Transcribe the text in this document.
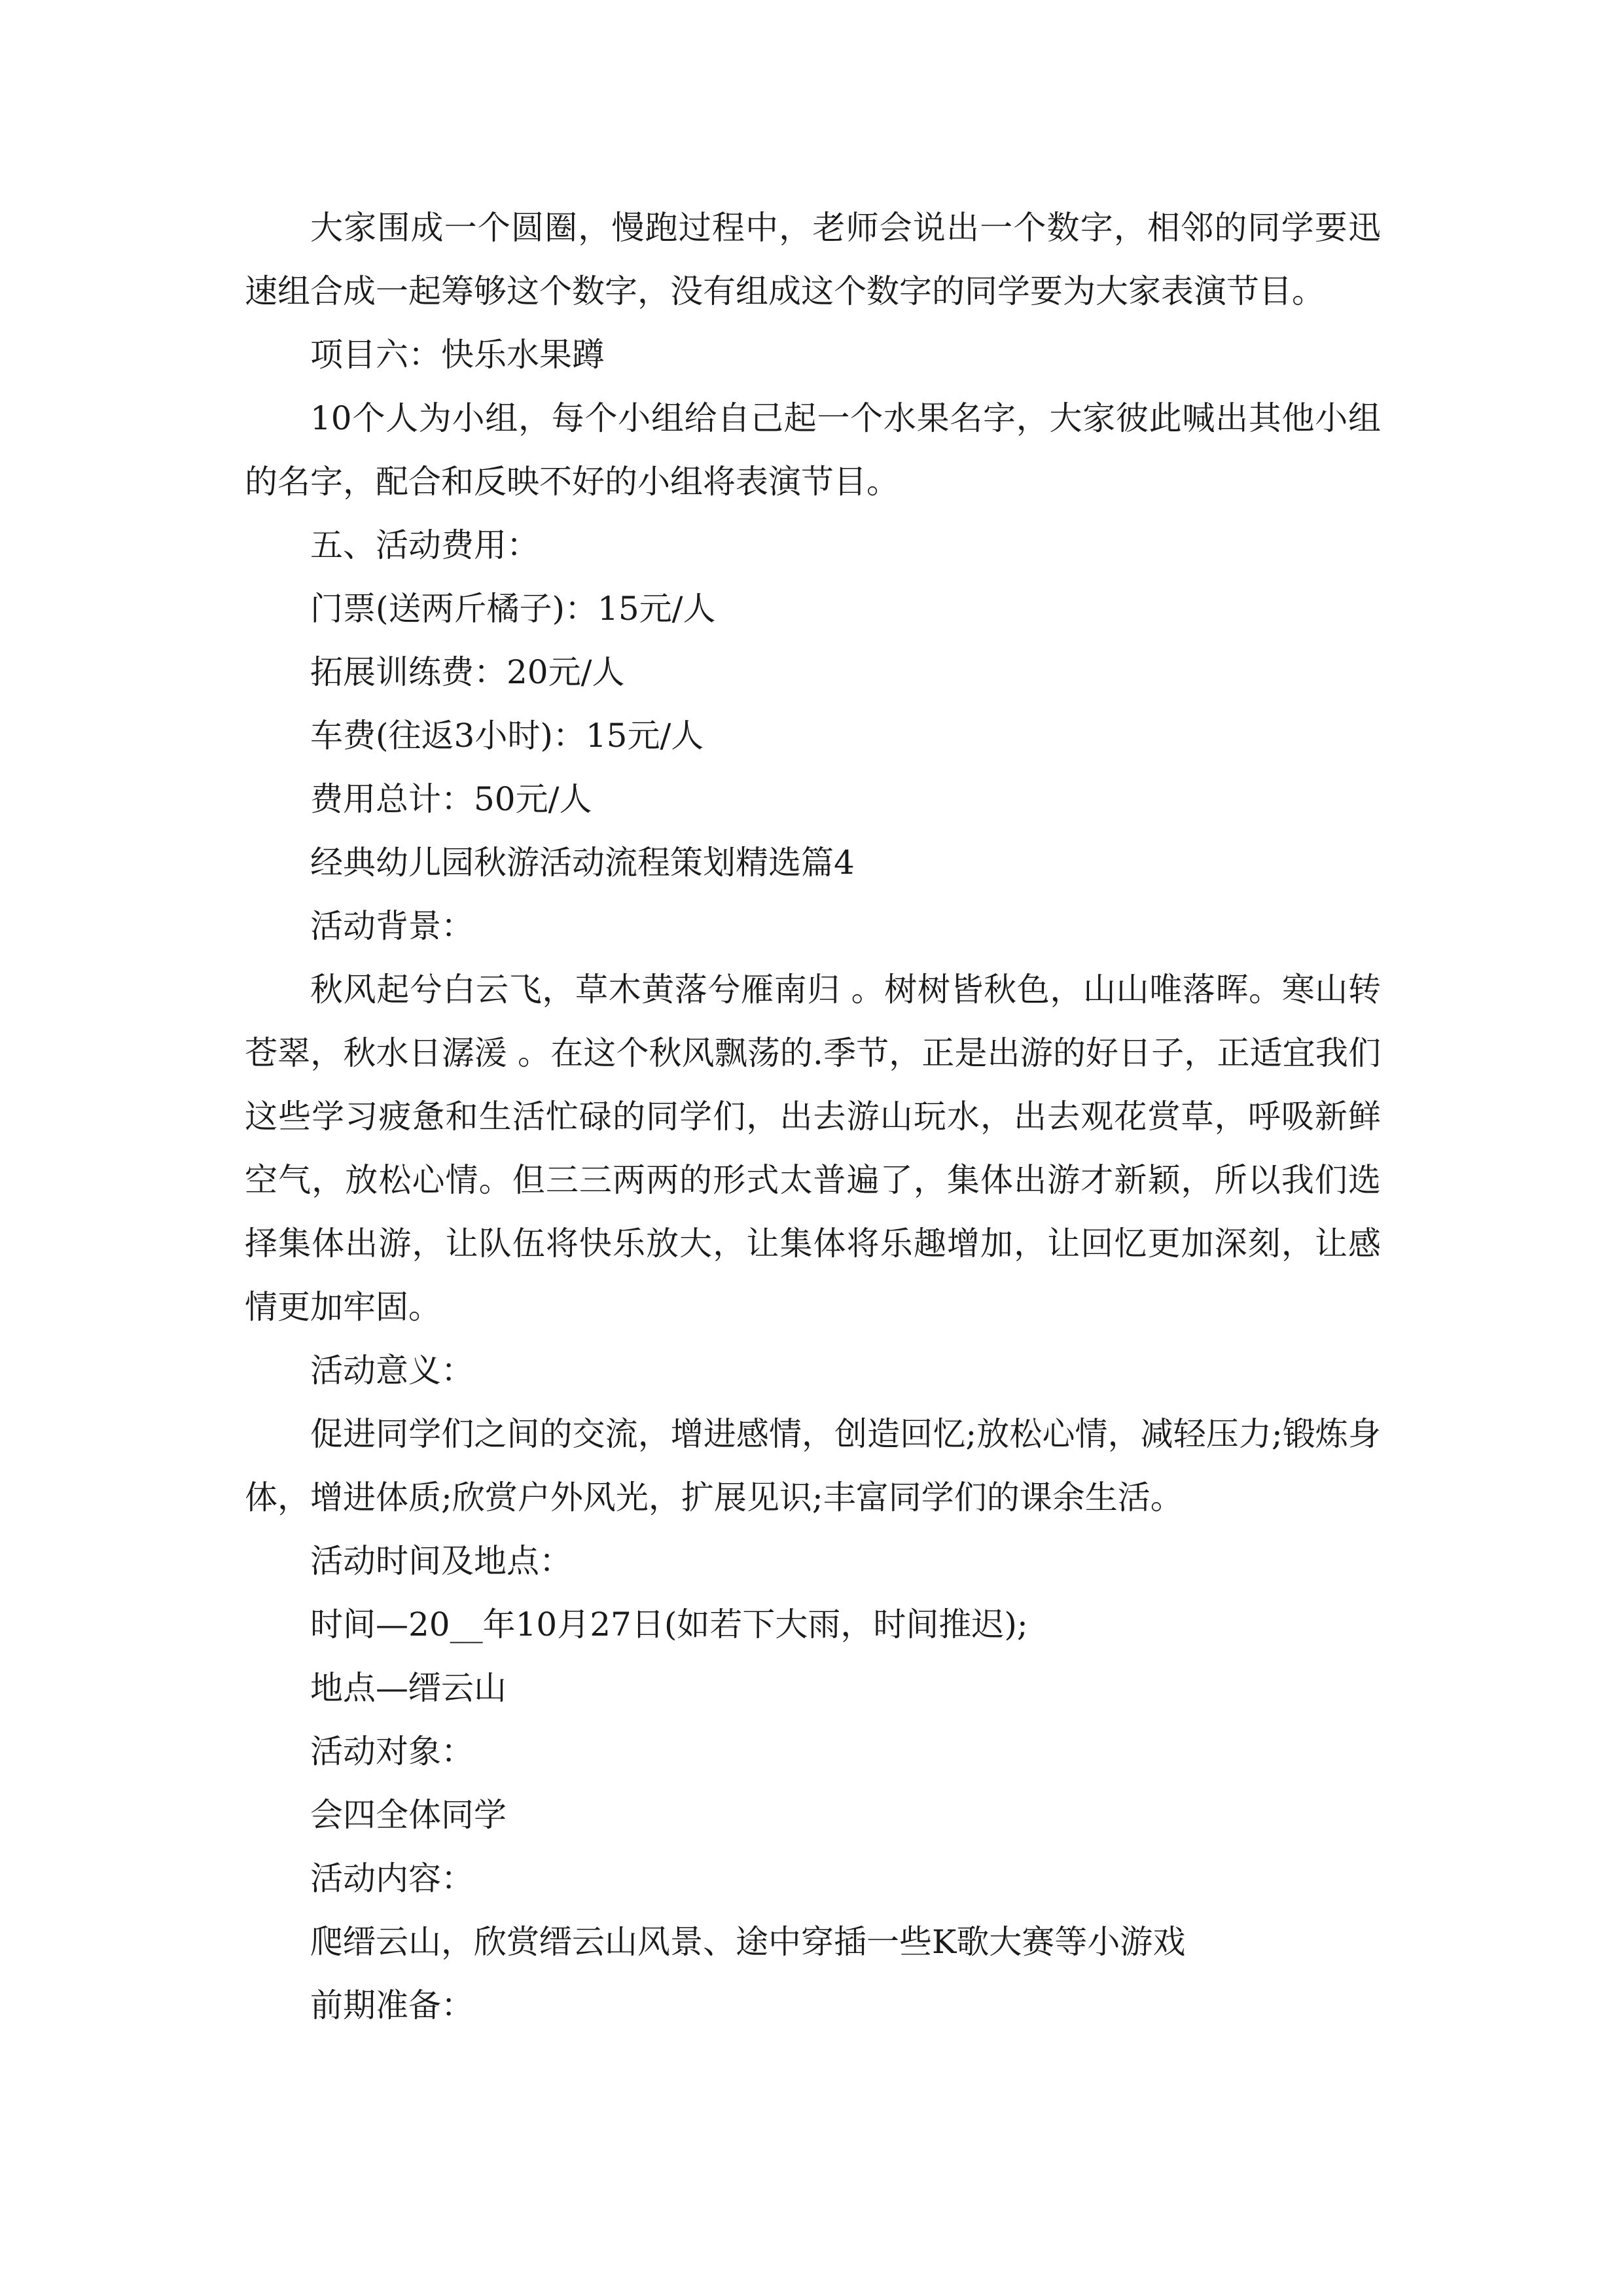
大家围成一个圆圈，慢跑过程中，老师会说出一个数字，相邻的同学要迅速组合成一起筹够这个数字，没有组成这个数字的同学要为大家表演节目。

项目六：快乐水果蹲

10个人为小组，每个小组给自己起一个水果名字，大家彼此喊出其他小组的名字，配合和反映不好的小组将表演节目。

五、活动费用：

门票(送两斤橘子)：15元/人

拓展训练费：20元/人

车费(往返3小时)：15元/人

费用总计：50元/人

经典幼儿园秋游活动流程策划精选篇4

活动背景：

秋风起兮白云飞，草木黄落兮雁南归 。树树皆秋色，山山唯落晖。寒山转苍翠，秋水日潺湲 。在这个秋风飘荡的.季节，正是出游的好日子，正适宜我们这些学习疲惫和生活忙碌的同学们，出去游山玩水，出去观花赏草，呼吸新鲜空气，放松心情。但三三两两的形式太普遍了，集体出游才新颖，所以我们选择集体出游，让队伍将快乐放大，让集体将乐趣增加，让回忆更加深刻，让感情更加牢固。

活动意义：

促进同学们之间的交流，增进感情，创造回忆;放松心情，减轻压力;锻炼身体，增进体质;欣赏户外风光，扩展见识;丰富同学们的课余生活。

活动时间及地点：

时间—20__年10月27日(如若下大雨，时间推迟);

地点—缙云山

活动对象：

会四全体同学

活动内容：

爬缙云山，欣赏缙云山风景、途中穿插一些K歌大赛等小游戏

前期准备：
